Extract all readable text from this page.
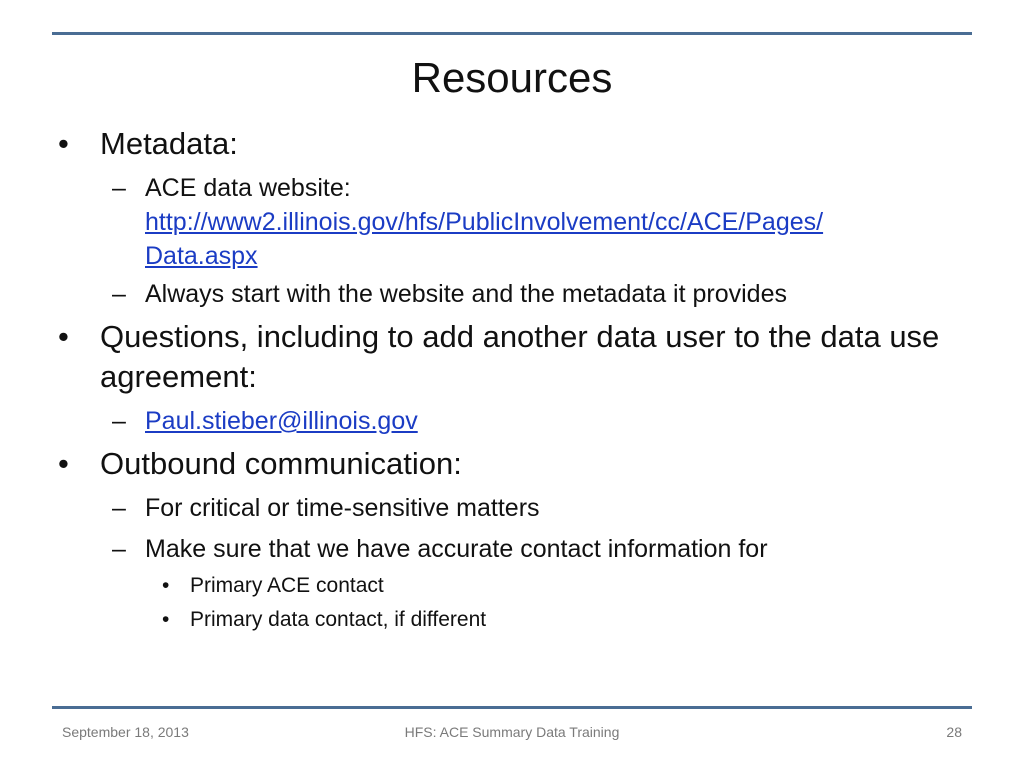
Resources
•	Metadata:
– ACE data website:
http://www2.illinois.gov/hfs/PublicInvolvement/cc/ACE/Pages/
Data.aspx
– Always start with the website and the metadata it provides
•	Questions, including to add another data user to the data use agreement:
– Paul.stieber@illinois.gov
•	Outbound communication:
– For critical or time-sensitive matters
– Make sure that we have accurate contact information for
• Primary ACE contact
• Primary data contact, if different
September 18, 2013	HFS: ACE Summary Data Training	28
